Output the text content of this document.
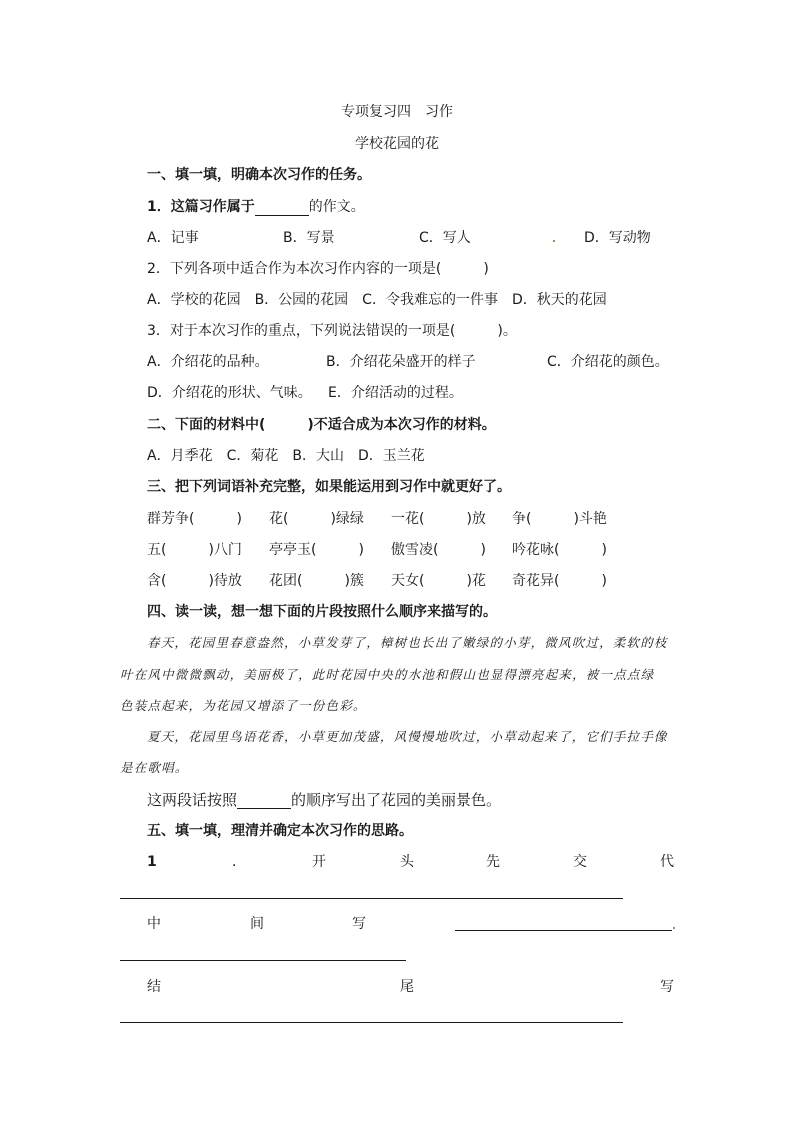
专项复习四　习作
学校花园的花
一、填一填，明确本次习作的任务。
1．这篇习作属于	的作文。
A．记事	B．写景	C．写人	D．写动物
2．下列各项中适合作为本次习作内容的一项是(　　　)
A．学校的花园　B．公园的花园　C．令我难忘的一件事　D．秋天的花园
3．对于本次习作的重点，下列说法错误的一项是(　　　)。
A．介绍花的品种。	B．介绍花朵盛开的样子	C．介绍花的颜色。
D．介绍花的形状、气味。 E．介绍活动的过程。
二、下面的材料中(　　　)不适合成为本次习作的材料。
A．月季花　C．菊花　B．大山　D．玉兰花
三、把下列词语补充完整，如果能运用到习作中就更好了。
群芳争(　　　) 花(　　　)绿绿 一花(　　　)放 争(　　　)斗艳
五(　　　)八门 亭亭玉(　　　) 傲雪凌(　　　) 吟花咏(　　　)
含(　　　)待放 花团(　　　)簇 天女(　　　)花 奇花异(　　　)
四、读一读，想一想下面的片段按照什么顺序来描写的。
春天，花园里春意盎然，小草发芽了，樟树也长出了嫩绿的小芽，微风吹过，柔软的枝
叶在风中微微飘动，美丽极了，此时花园中央的水池和假山也显得漂亮起来，被一点点绿
色装点起来，为花园又增添了一份色彩。
夏天，花园里鸟语花香，小草更加茂盛，风慢慢地吹过，小草动起来了，它们手拉手像
是在歌唱。
这两段话按照	的顺序写出了花园的美丽景色。
五、填一填，理清并确定本次习作的思路。
1	．	开	头	先	交	代
中	间	写
结	尾	写
